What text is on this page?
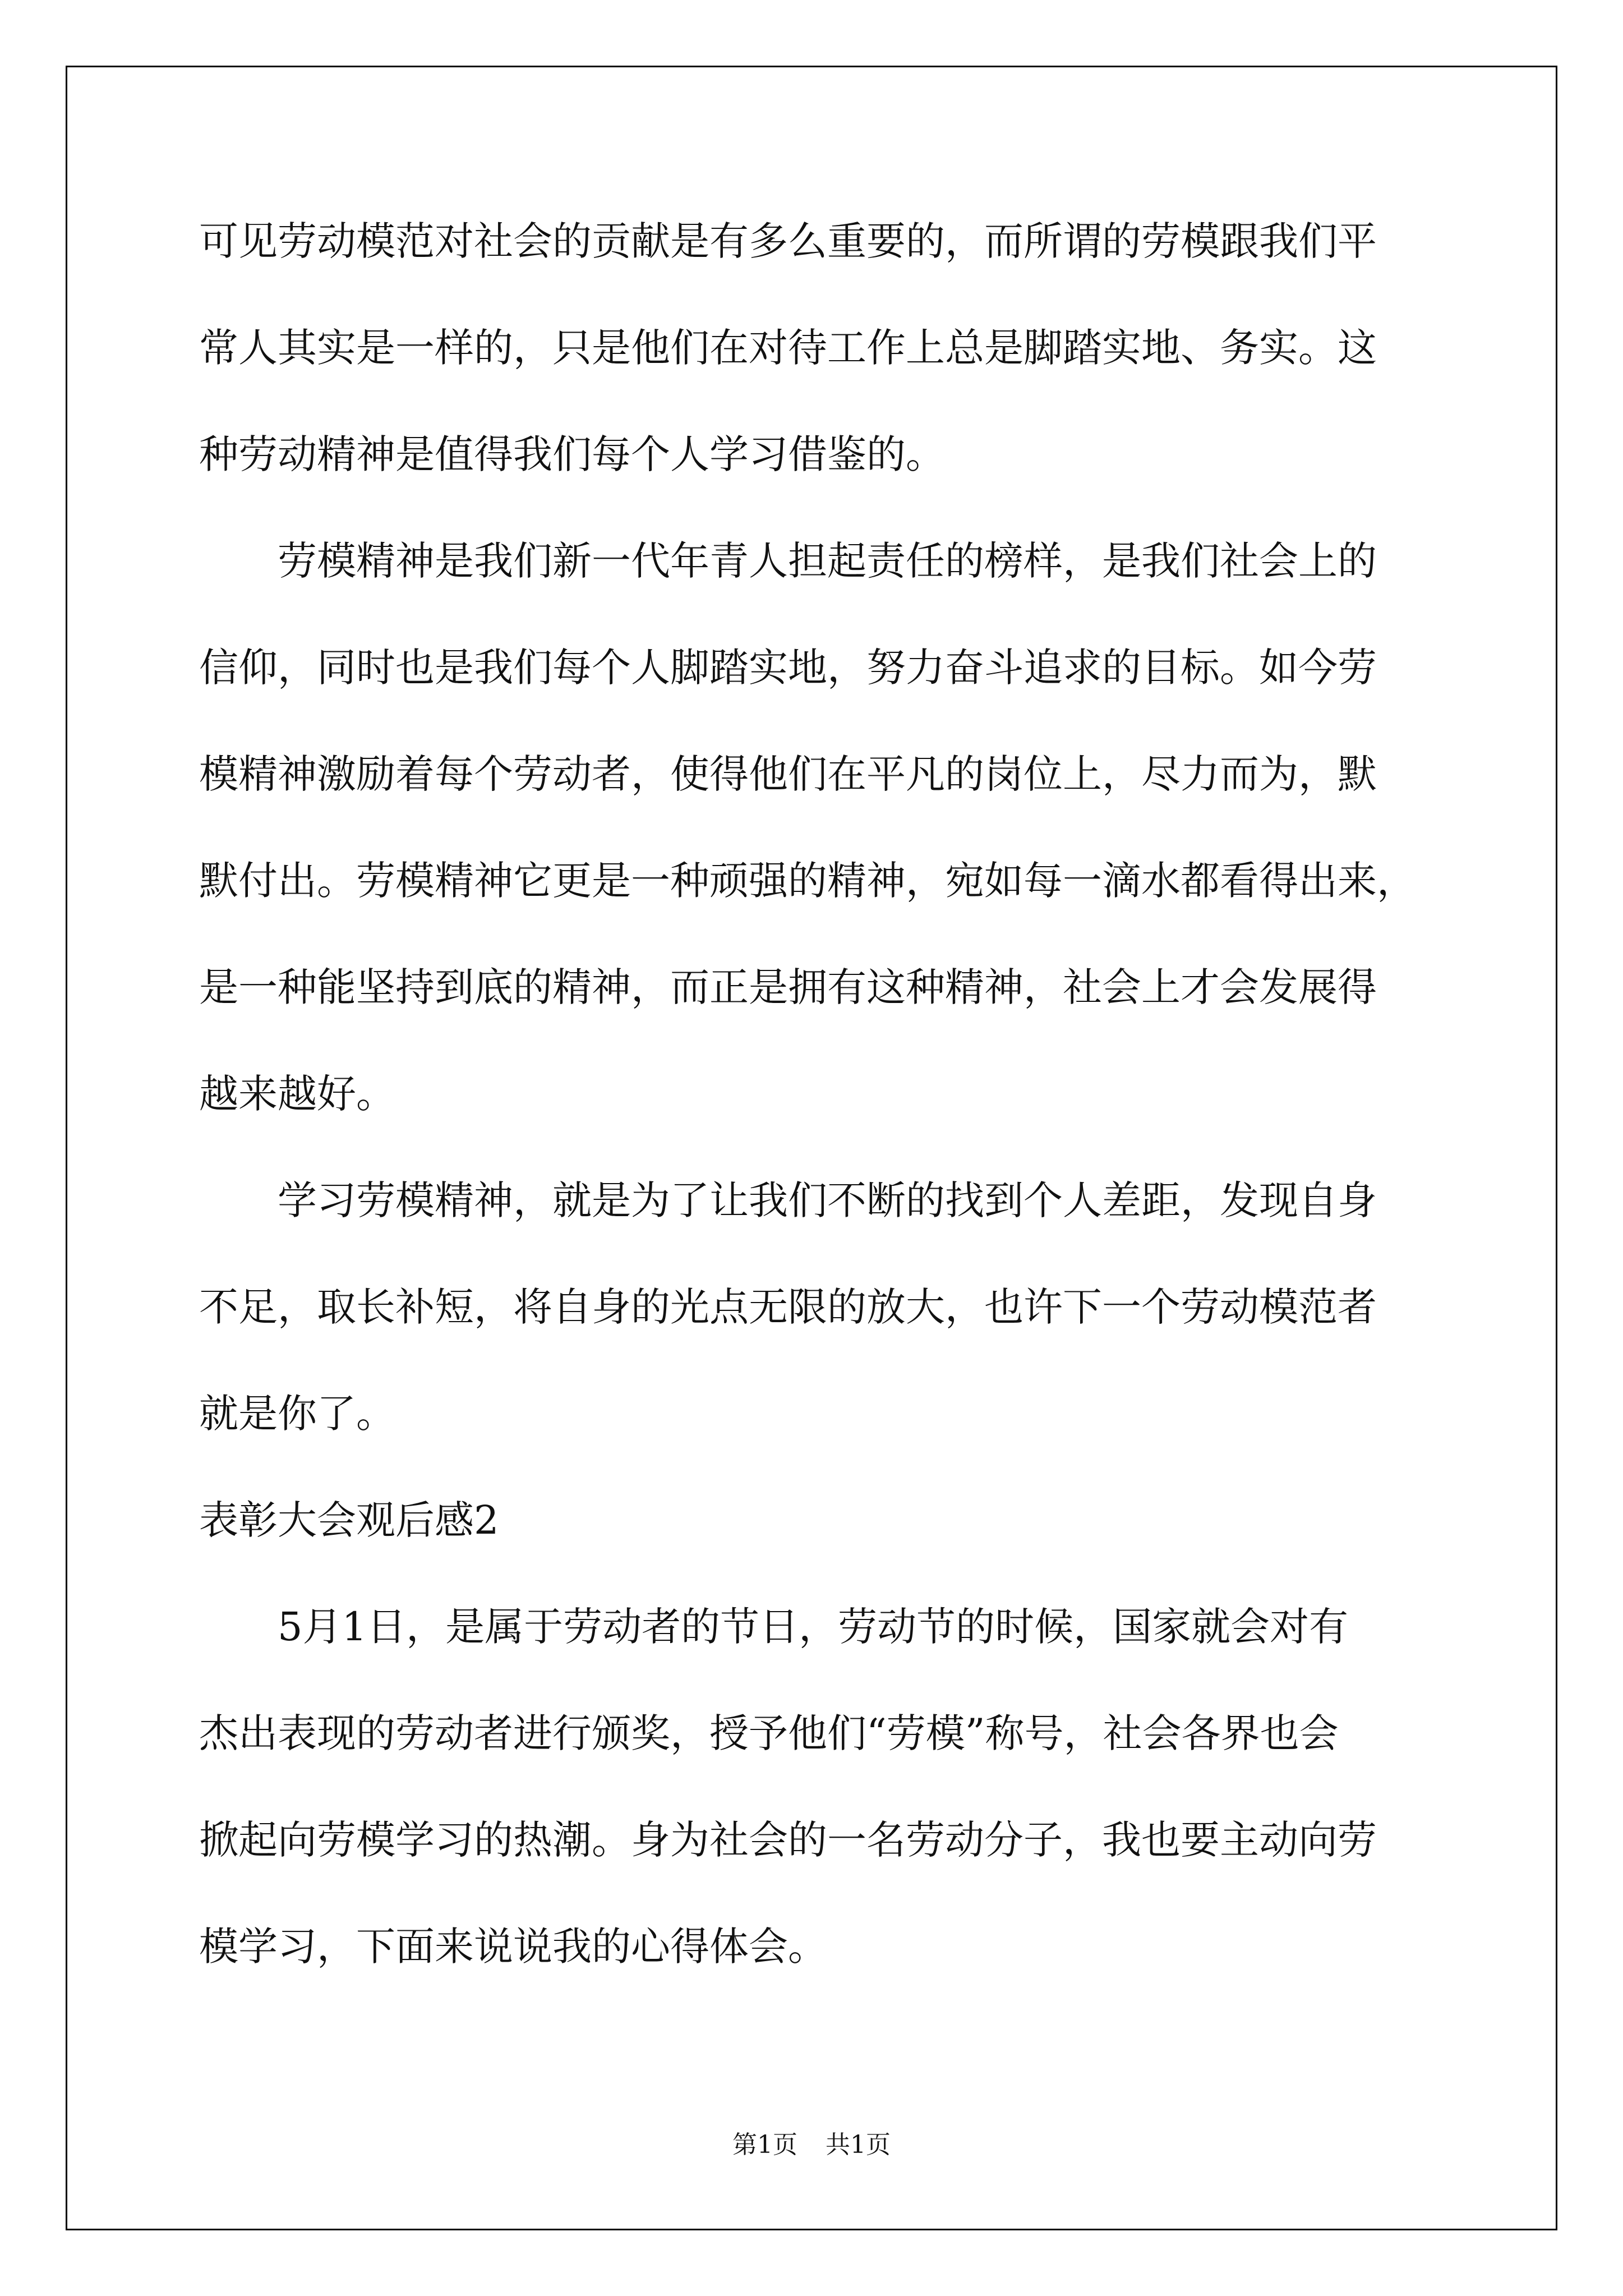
可见劳动模范对社会的贡献是有多么重要的，而所谓的劳模跟我们平
常人其实是一样的，只是他们在对待工作上总是脚踏实地、务实。这
种劳动精神是值得我们每个人学习借鉴的。
劳模精神是我们新一代年青人担起责任的榜样，是我们社会上的
信仰，同时也是我们每个人脚踏实地，努力奋斗追求的目标。如今劳
模精神激励着每个劳动者，使得他们在平凡的岗位上，尽力而为，默
默付出。劳模精神它更是一种顽强的精神，宛如每一滴水都看得出来，
是一种能坚持到底的精神，而正是拥有这种精神，社会上才会发展得
越来越好。
学习劳模精神，就是为了让我们不断的找到个人差距，发现自身
不足，取长补短，将自身的光点无限的放大，也许下一个劳动模范者
就是你了。
表彰大会观后感2
5月1日，是属于劳动者的节日，劳动节的时候，国家就会对有
杰出表现的劳动者进行颁奖，授予他们“劳模”称号，社会各界也会
掀起向劳模学习的热潮。身为社会的一名劳动分子，我也要主动向劳
模学习，下面来说说我的心得体会。
第1页 共1页
